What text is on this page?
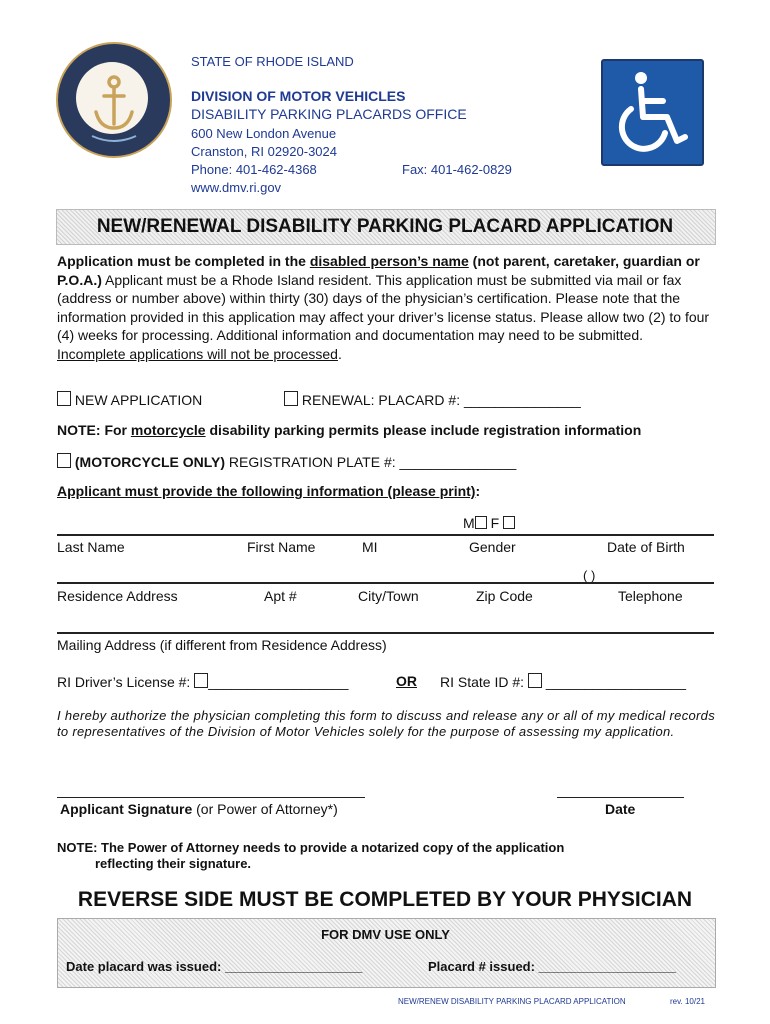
STATE OF RHODE ISLAND
DIVISION OF MOTOR VEHICLES
DISABILITY PARKING PLACARDS OFFICE
600 New London Avenue
Cranston, RI 02920-3024
Phone: 401-462-4368	Fax: 401-462-0829
www.dmv.ri.gov
NEW/RENEWAL DISABILITY PARKING PLACARD APPLICATION
Application must be completed in the disabled person’s name (not parent, caretaker, guardian or P.O.A.) Applicant must be a Rhode Island resident. This application must be submitted via mail or fax (address or number above) within thirty (30) days of the physician’s certification. Please note that the information provided in this application may affect your driver’s license status. Please allow two (2) to four (4) weeks for processing. Additional information and documentation may need to be submitted.
Incomplete applications will not be processed.
NEW APPLICATION	RENEWAL: PLACARD #: _______________
NOTE: For motorcycle disability parking permits please include registration information
(MOTORCYCLE ONLY) REGISTRATION PLATE #: _______________
Applicant must provide the following information (please print):
M F
Last Name	First Name	MI	Gender	Date of Birth
( )
Residence Address	Apt #	City/Town	Zip Code	Telephone
Mailing Address (if different from Residence Address)
RI Driver’s License #: __________________	OR RI State ID #:  __________________
I hereby authorize the physician completing this form to discuss and release any or all of my medical records to representatives of the Division of Motor Vehicles solely for the purpose of assessing my application.
Applicant Signature (or Power of Attorney*)	Date
NOTE: The Power of Attorney needs to provide a notarized copy of the application
reflecting their signature.
REVERSE SIDE MUST BE COMPLETED BY YOUR PHYSICIAN
FOR DMV USE ONLY
Date placard was issued: ___________________	Placard # issued: ___________________
NEW/RENEW DISABILITY PARKING PLACARD APPLICATION	rev. 10/21
